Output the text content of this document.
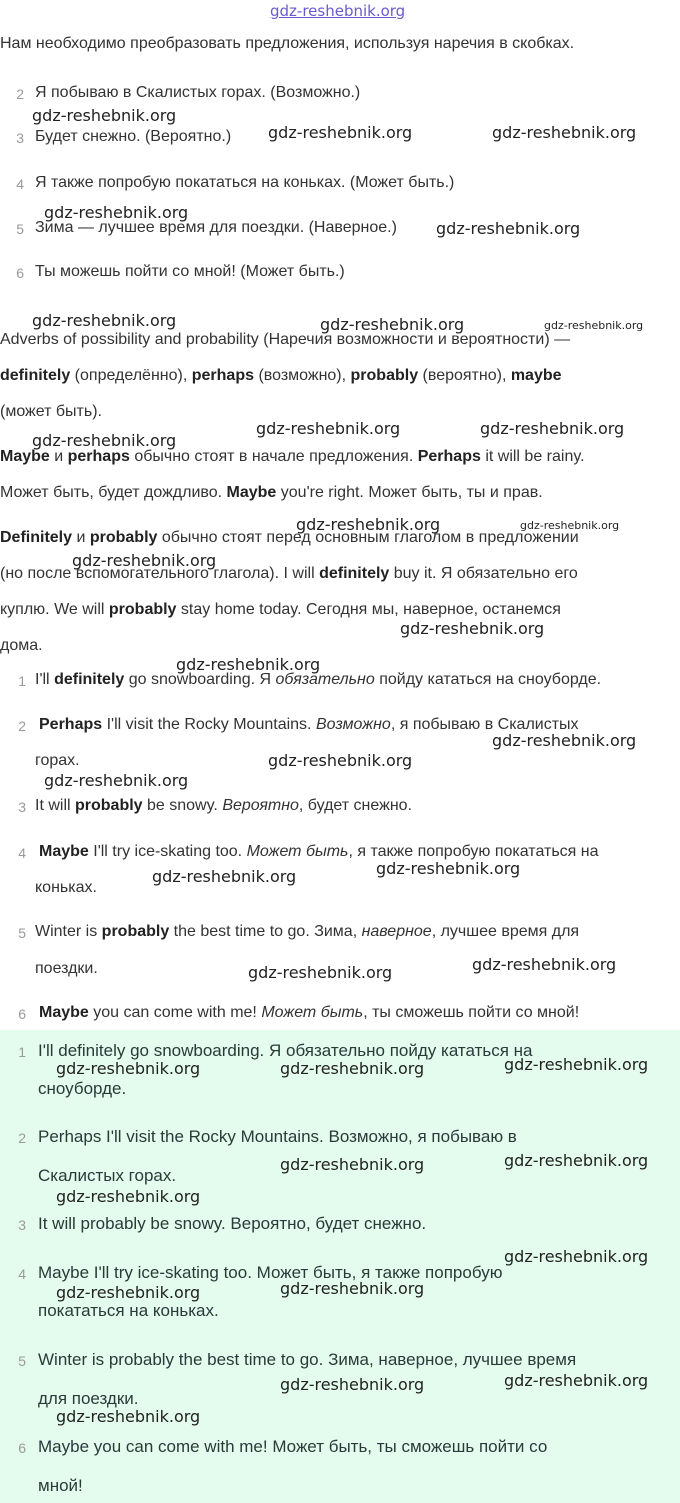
gdz-reshebnik.org
Нам необходимо преобразовать предложения, используя наречия в скобках.
2 Я побываю в Скалистых горах. (Возможно.)
3 Будет снежно. (Вероятно.)
4 Я также попробую покататься на коньках. (Может быть.)
5 Зима — лучшее время для поездки. (Наверное.)
6 Ты можешь пойти со мной! (Может быть.)
Adverbs of possibility and probability (Наречия возможности и вероятности) —
definitely (определённо), perhaps (возможно), probably (вероятно), maybe
(может быть).
Maybe и perhaps обычно стоят в начале предложения. Perhaps it will be rainy.
Может быть, будет дождливо. Maybe you're right. Может быть, ты и прав.
Definitely и probably обычно стоят перед основным глаголом в предложении
(но после вспомогательного глагола). I will definitely buy it. Я обязательно его
куплю. We will probably stay home today. Сегодня мы, наверное, останемся
дома.
1 I'll definitely go snowboarding. Я обязательно пойду кататься на сноуборде.
2 Perhaps I'll visit the Rocky Mountains. Возможно, я побываю в Скалистых
горах.
3 It will probably be snowy. Вероятно, будет снежно.
4 Maybe I'll try ice-skating too. Может быть, я также попробую покататься на
коньках.
5 Winter is probably the best time to go. Зима, наверное, лучшее время для
поездки.
6 Maybe you can come with me! Может быть, ты сможешь пойти со мной!
1 I'll definitely go snowboarding. Я обязательно пойду кататься на
сноуборде.
2 Perhaps I'll visit the Rocky Mountains. Возможно, я побываю в
Скалистых горах.
3 It will probably be snowy. Вероятно, будет снежно.
4 Maybe I'll try ice-skating too. Может быть, я также попробую
покататься на коньках.
5 Winter is probably the best time to go. Зима, наверное, лучшее время
для поездки.
6 Maybe you can come with me! Может быть, ты сможешь пойти со
мной!
gdz-reshebnik.org
gdz-reshebnik.org	gdz-reshebnik.org
gdz-reshebnik.org
gdz-reshebnik.org
gdz-reshebnik.org	gdz-reshebnik.org	gdz-reshebnik.org
gdz-reshebnik.org
gdz-reshebnik.org	gdz-reshebnik.org
gdz-reshebnik.org	gdz-reshebnik.org
gdz-reshebnik.org
gdz-reshebnik.org
gdz-reshebnik.org
gdz-reshebnik.org
gdz-reshebnik.org
gdz-reshebnik.org
gdz-reshebnik.org
gdz-reshebnik.org
gdz-reshebnik.org
gdz-reshebnik.org
gdz-reshebnik.org	gdz-reshebnik.org	gdz-reshebnik.org
gdz-reshebnik.org	gdz-reshebnik.org
gdz-reshebnik.org
gdz-reshebnik.org
gdz-reshebnik.org
gdz-reshebnik.org
gdz-reshebnik.org
gdz-reshebnik.org
gdz-reshebnik.org
